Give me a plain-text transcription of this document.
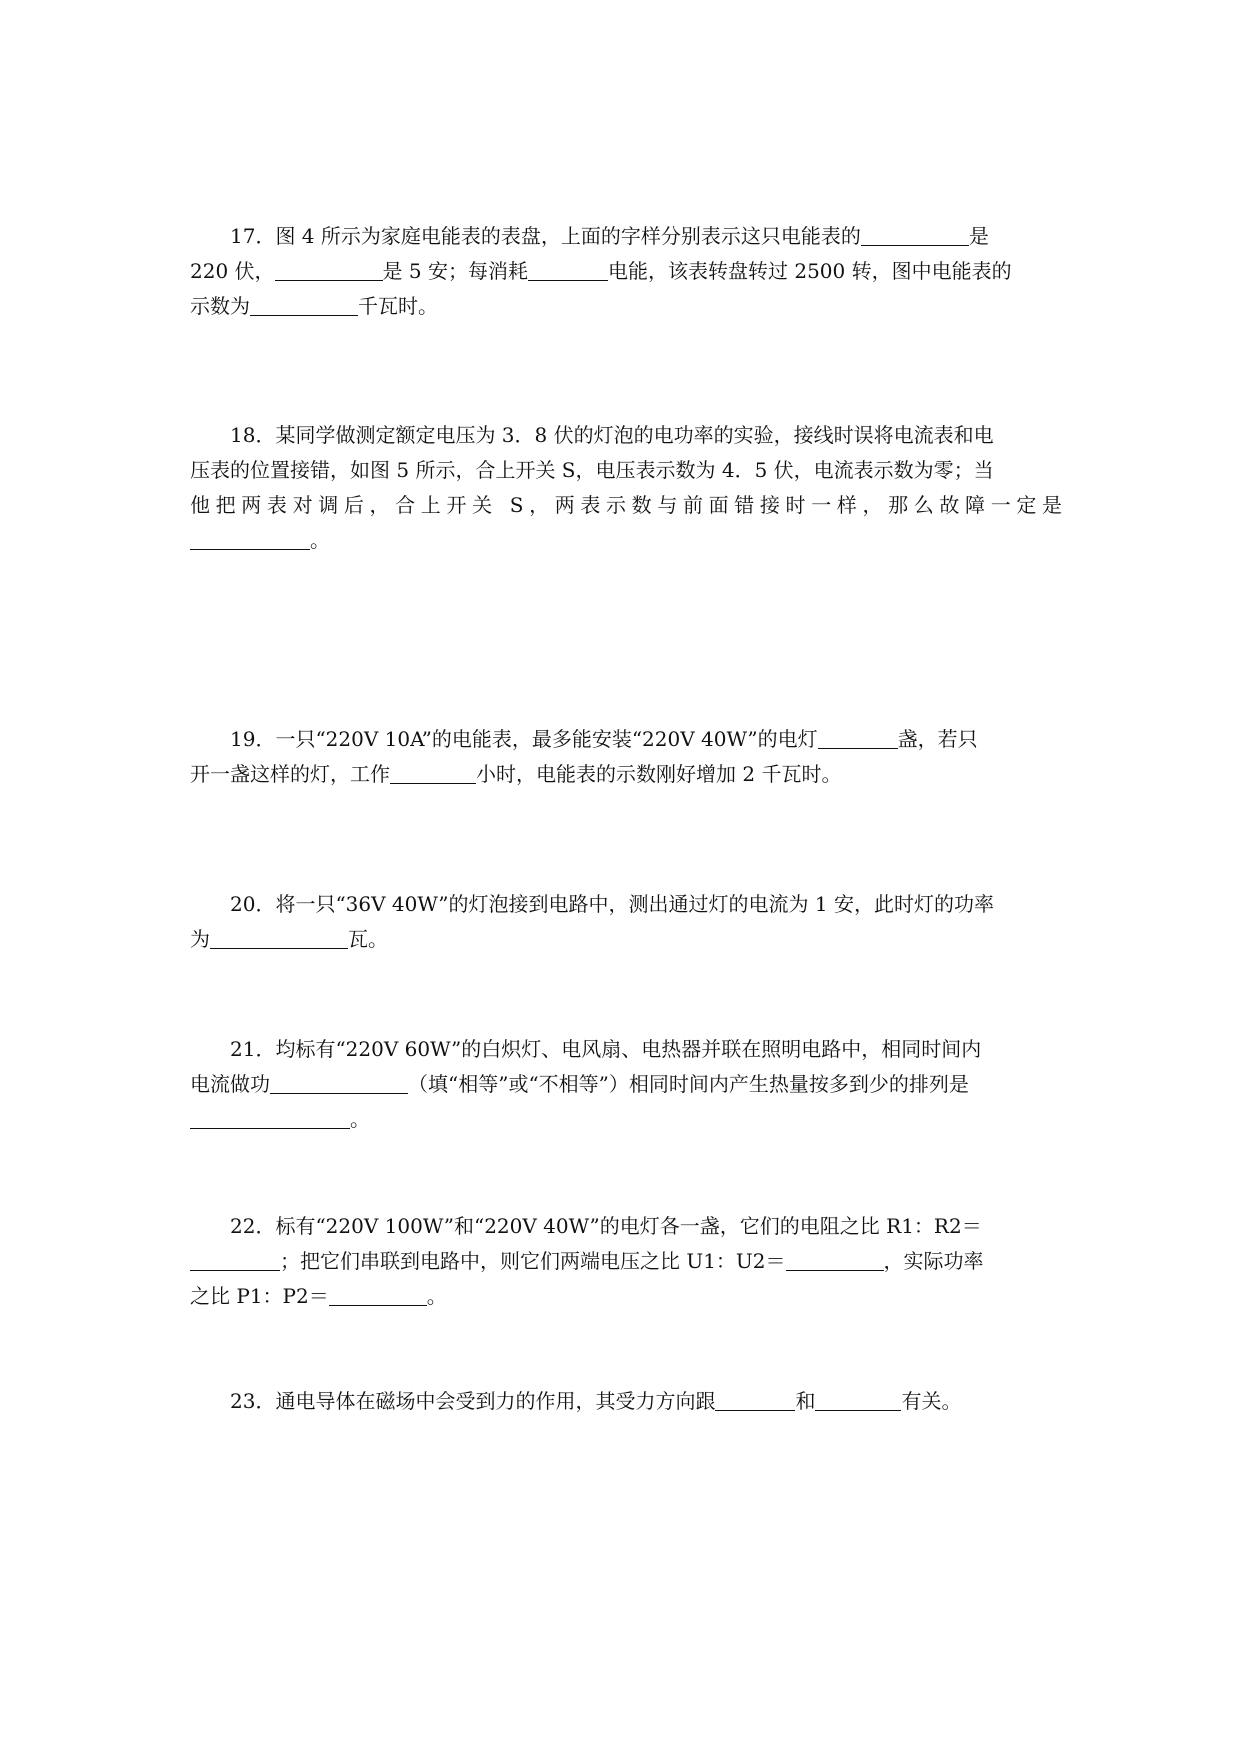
17．图 4 所示为家庭电能表的表盘，上面的字样分别表示这只电能表的	是
220 伏，	是 5 安；每消耗	电能，该表转盘转过 2500 转，图中电能表的
示数为	千瓦时。
18．某同学做测定额定电压为 3．8 伏的灯泡的电功率的实验，接线时误将电流表和电
压表的位置接错，如图 5 所示，合上开关 S，电压表示数为 4．5 伏，电流表示数为零；当
他把两表对调后，合上开关 S，两表示数与前面错接时一样，那么故障一定是
。
19．一只“220V 10A”的电能表，最多能安装“220V 40W”的电灯	盏，若只
开一盏这样的灯，工作	小时，电能表的示数刚好增加 2 千瓦时。
20．将一只“36V 40W”的灯泡接到电路中，测出通过灯的电流为 1 安，此时灯的功率
为	瓦。
21．均标有“220V 60W”的白炽灯、电风扇、电热器并联在照明电路中，相同时间内
电流做功	（填“相等”或“不相等”）相同时间内产生热量按多到少的排列是
。
22．标有“220V 100W”和“220V 40W”的电灯各一盏，它们的电阻之比 R1：R2＝
；把它们串联到电路中，则它们两端电压之比 U1：U2＝	，实际功率
之比 P1：P2＝	。
23．通电导体在磁场中会受到力的作用，其受力方向跟	和	有关。
